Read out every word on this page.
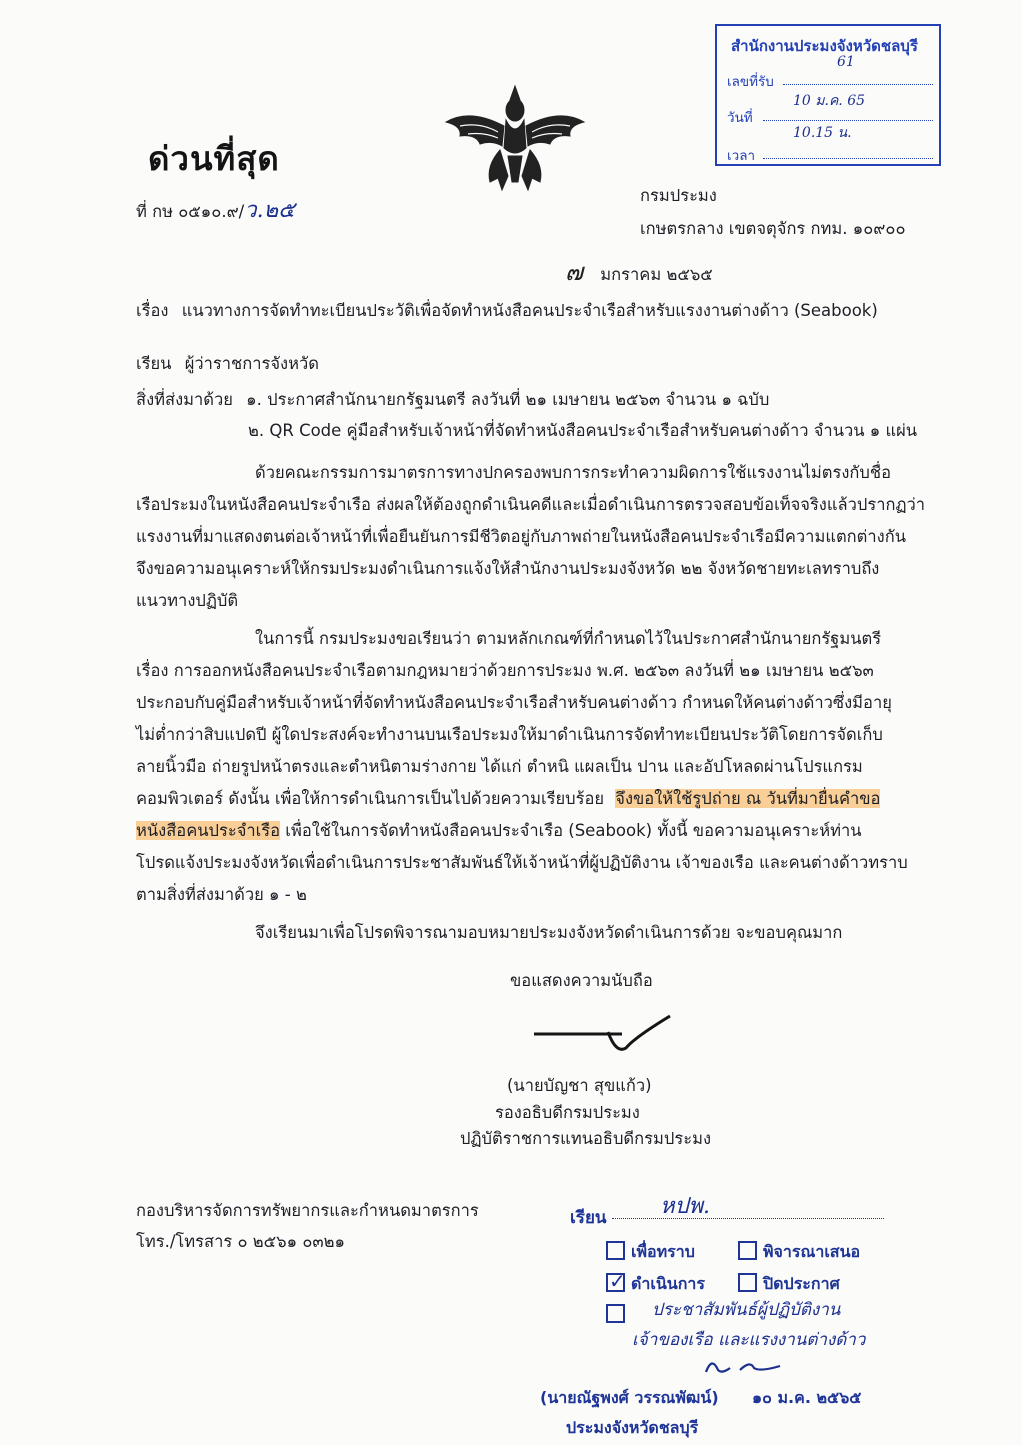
สำนักงานประมงจังหวัดชลบุรี
เลขที่รับ
61
วันที่
10 ม.ค. 65
เวลา
10.15 น.
ด่วนที่สุด
ที่ กษ ๐๕๑๐.๙/ว.๒๕
กรมประมง
เกษตรกลาง เขตจตุจักร กทม. ๑๐๙๐๐
๗ มกราคม ๒๕๖๕
เรื่อง แนวทางการจัดทำทะเบียนประวัติเพื่อจัดทำหนังสือคนประจำเรือสำหรับแรงงานต่างด้าว (Seabook)
เรียน ผู้ว่าราชการจังหวัด
สิ่งที่ส่งมาด้วย ๑. ประกาศสำนักนายกรัฐมนตรี ลงวันที่ ๒๑ เมษายน ๒๕๖๓ จำนวน ๑ ฉบับ
๒. QR Code คู่มือสำหรับเจ้าหน้าที่จัดทำหนังสือคนประจำเรือสำหรับคนต่างด้าว จำนวน ๑ แผ่น
ด้วยคณะกรรมการมาตรการทางปกครองพบการกระทำความผิดการใช้แรงงานไม่ตรงกับชื่อ
เรือประมงในหนังสือคนประจำเรือ ส่งผลให้ต้องถูกดำเนินคดีและเมื่อดำเนินการตรวจสอบข้อเท็จจริงแล้วปรากฏว่า
แรงงานที่มาแสดงตนต่อเจ้าหน้าที่เพื่อยืนยันการมีชีวิตอยู่กับภาพถ่ายในหนังสือคนประจำเรือมีความแตกต่างกัน
จึงขอความอนุเคราะห์ให้กรมประมงดำเนินการแจ้งให้สำนักงานประมงจังหวัด ๒๒ จังหวัดชายทะเลทราบถึง
แนวทางปฏิบัติ
ในการนี้ กรมประมงขอเรียนว่า ตามหลักเกณฑ์ที่กำหนดไว้ในประกาศสำนักนายกรัฐมนตรี
เรื่อง การออกหนังสือคนประจำเรือตามกฎหมายว่าด้วยการประมง พ.ศ. ๒๕๖๓ ลงวันที่ ๒๑ เมษายน ๒๕๖๓
ประกอบกับคู่มือสำหรับเจ้าหน้าที่จัดทำหนังสือคนประจำเรือสำหรับคนต่างด้าว กำหนดให้คนต่างด้าวซึ่งมีอายุ
ไม่ต่ำกว่าสิบแปดปี ผู้ใดประสงค์จะทำงานบนเรือประมงให้มาดำเนินการจัดทำทะเบียนประวัติโดยการจัดเก็บ
ลายนิ้วมือ ถ่ายรูปหน้าตรงและตำหนิตามร่างกาย ได้แก่ ตำหนิ แผลเป็น ปาน และอัปโหลดผ่านโปรแกรม
คอมพิวเตอร์ ดังนั้น เพื่อให้การดำเนินการเป็นไปด้วยความเรียบร้อย จึงขอให้ใช้รูปถ่าย ณ วันที่มายื่นคำขอ
หนังสือคนประจำเรือ เพื่อใช้ในการจัดทำหนังสือคนประจำเรือ (Seabook) ทั้งนี้ ขอความอนุเคราะห์ท่าน
โปรดแจ้งประมงจังหวัดเพื่อดำเนินการประชาสัมพันธ์ให้เจ้าหน้าที่ผู้ปฏิบัติงาน เจ้าของเรือ และคนต่างด้าวทราบ
ตามสิ่งที่ส่งมาด้วย ๑ - ๒
จึงเรียนมาเพื่อโปรดพิจารณามอบหมายประมงจังหวัดดำเนินการด้วย จะขอบคุณมาก
ขอแสดงความนับถือ
(นายบัญชา สุขแก้ว)
รองอธิบดีกรมประมง
ปฏิบัติราชการแทนอธิบดีกรมประมง
กองบริหารจัดการทรัพยากรและกำหนดมาตรการ
โทร./โทรสาร ๐ ๒๕๖๑ ๐๓๒๑
เรียน หปพ.
เพื่อทราบ	พิจารณาเสนอ
✓ ดำเนินการ	ปิดประกาศ
ประชาสัมพันธ์ผู้ปฏิบัติงาน
เจ้าของเรือ และแรงงานต่างด้าว
(นายณัฐพงศ์ วรรณพัฒน์) ๑๐ ม.ค. ๒๕๖๕
ประมงจังหวัดชลบุรี
